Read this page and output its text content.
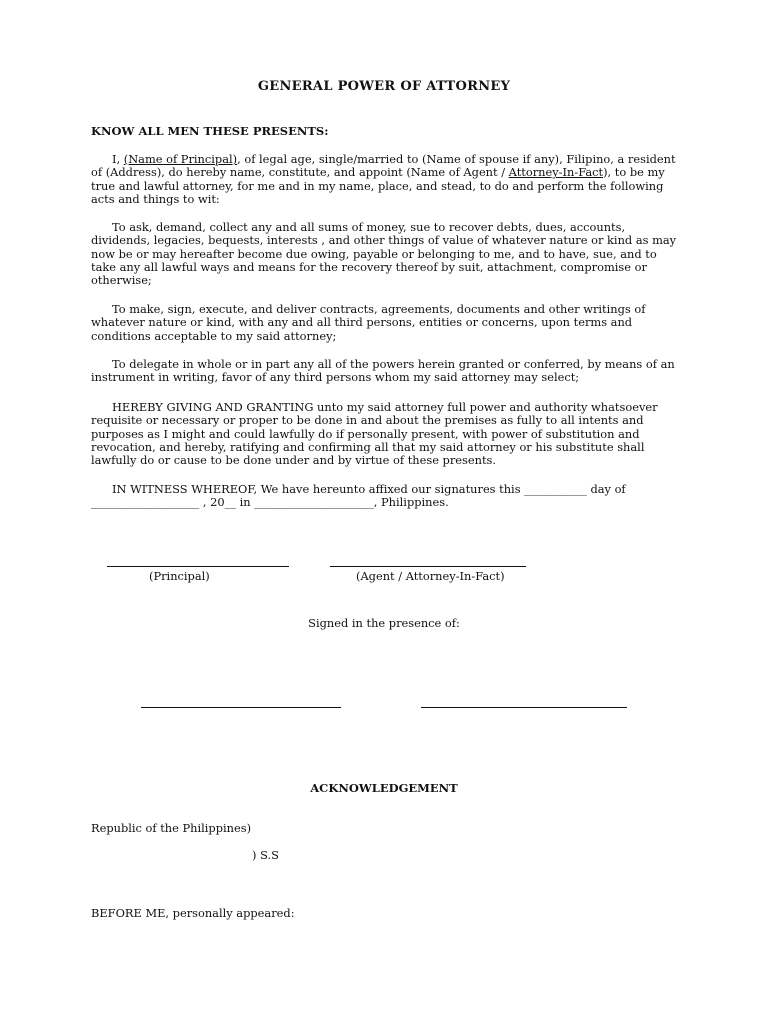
GENERAL POWER OF ATTORNEY
KNOW ALL MEN THESE PRESENTS:
I, (Name of Principal), of legal age, single/married to (Name of spouse if any), Filipino, a resident of (Address), do hereby name, constitute, and appoint (Name of Agent / Attorney-In-Fact), to be my true and lawful attorney, for me and in my name, place, and stead, to do and perform the following acts and things to wit:
To ask, demand, collect any and all sums of money, sue to recover debts, dues, accounts, dividends, legacies, bequests, interests , and other things of value of whatever nature or kind as may now be or may hereafter become due owing, payable or belonging to me, and to have, sue, and to take any all lawful ways and means for the recovery thereof by suit, attachment, compromise or otherwise;
To make, sign, execute, and deliver contracts, agreements, documents and other writings of whatever nature or kind, with any and all third persons, entities or concerns, upon terms and conditions acceptable to my said attorney;
To delegate in whole or in part any all of the powers herein granted or conferred, by means of an instrument in writing, favor of any third persons whom my said attorney may select;
HEREBY GIVING AND GRANTING unto my said attorney full power and authority whatsoever requisite or necessary or proper to be done in and about the premises as fully to all intents and purposes as I might and could lawfully do if personally present, with power of substitution and revocation, and hereby, ratifying and confirming all that my said attorney or his substitute shall lawfully do or cause to be done under and by virtue of these presents.
IN WITNESS WHEREOF, We have hereunto affixed our signatures this ___________ day of
___________________ , 20__ in _____________________, Philippines.
(Principal)	(Agent / Attorney-In-Fact)
Signed in the presence of:
ACKNOWLEDGEMENT
Republic of the Philippines)
) S.S
BEFORE ME, personally appeared:
